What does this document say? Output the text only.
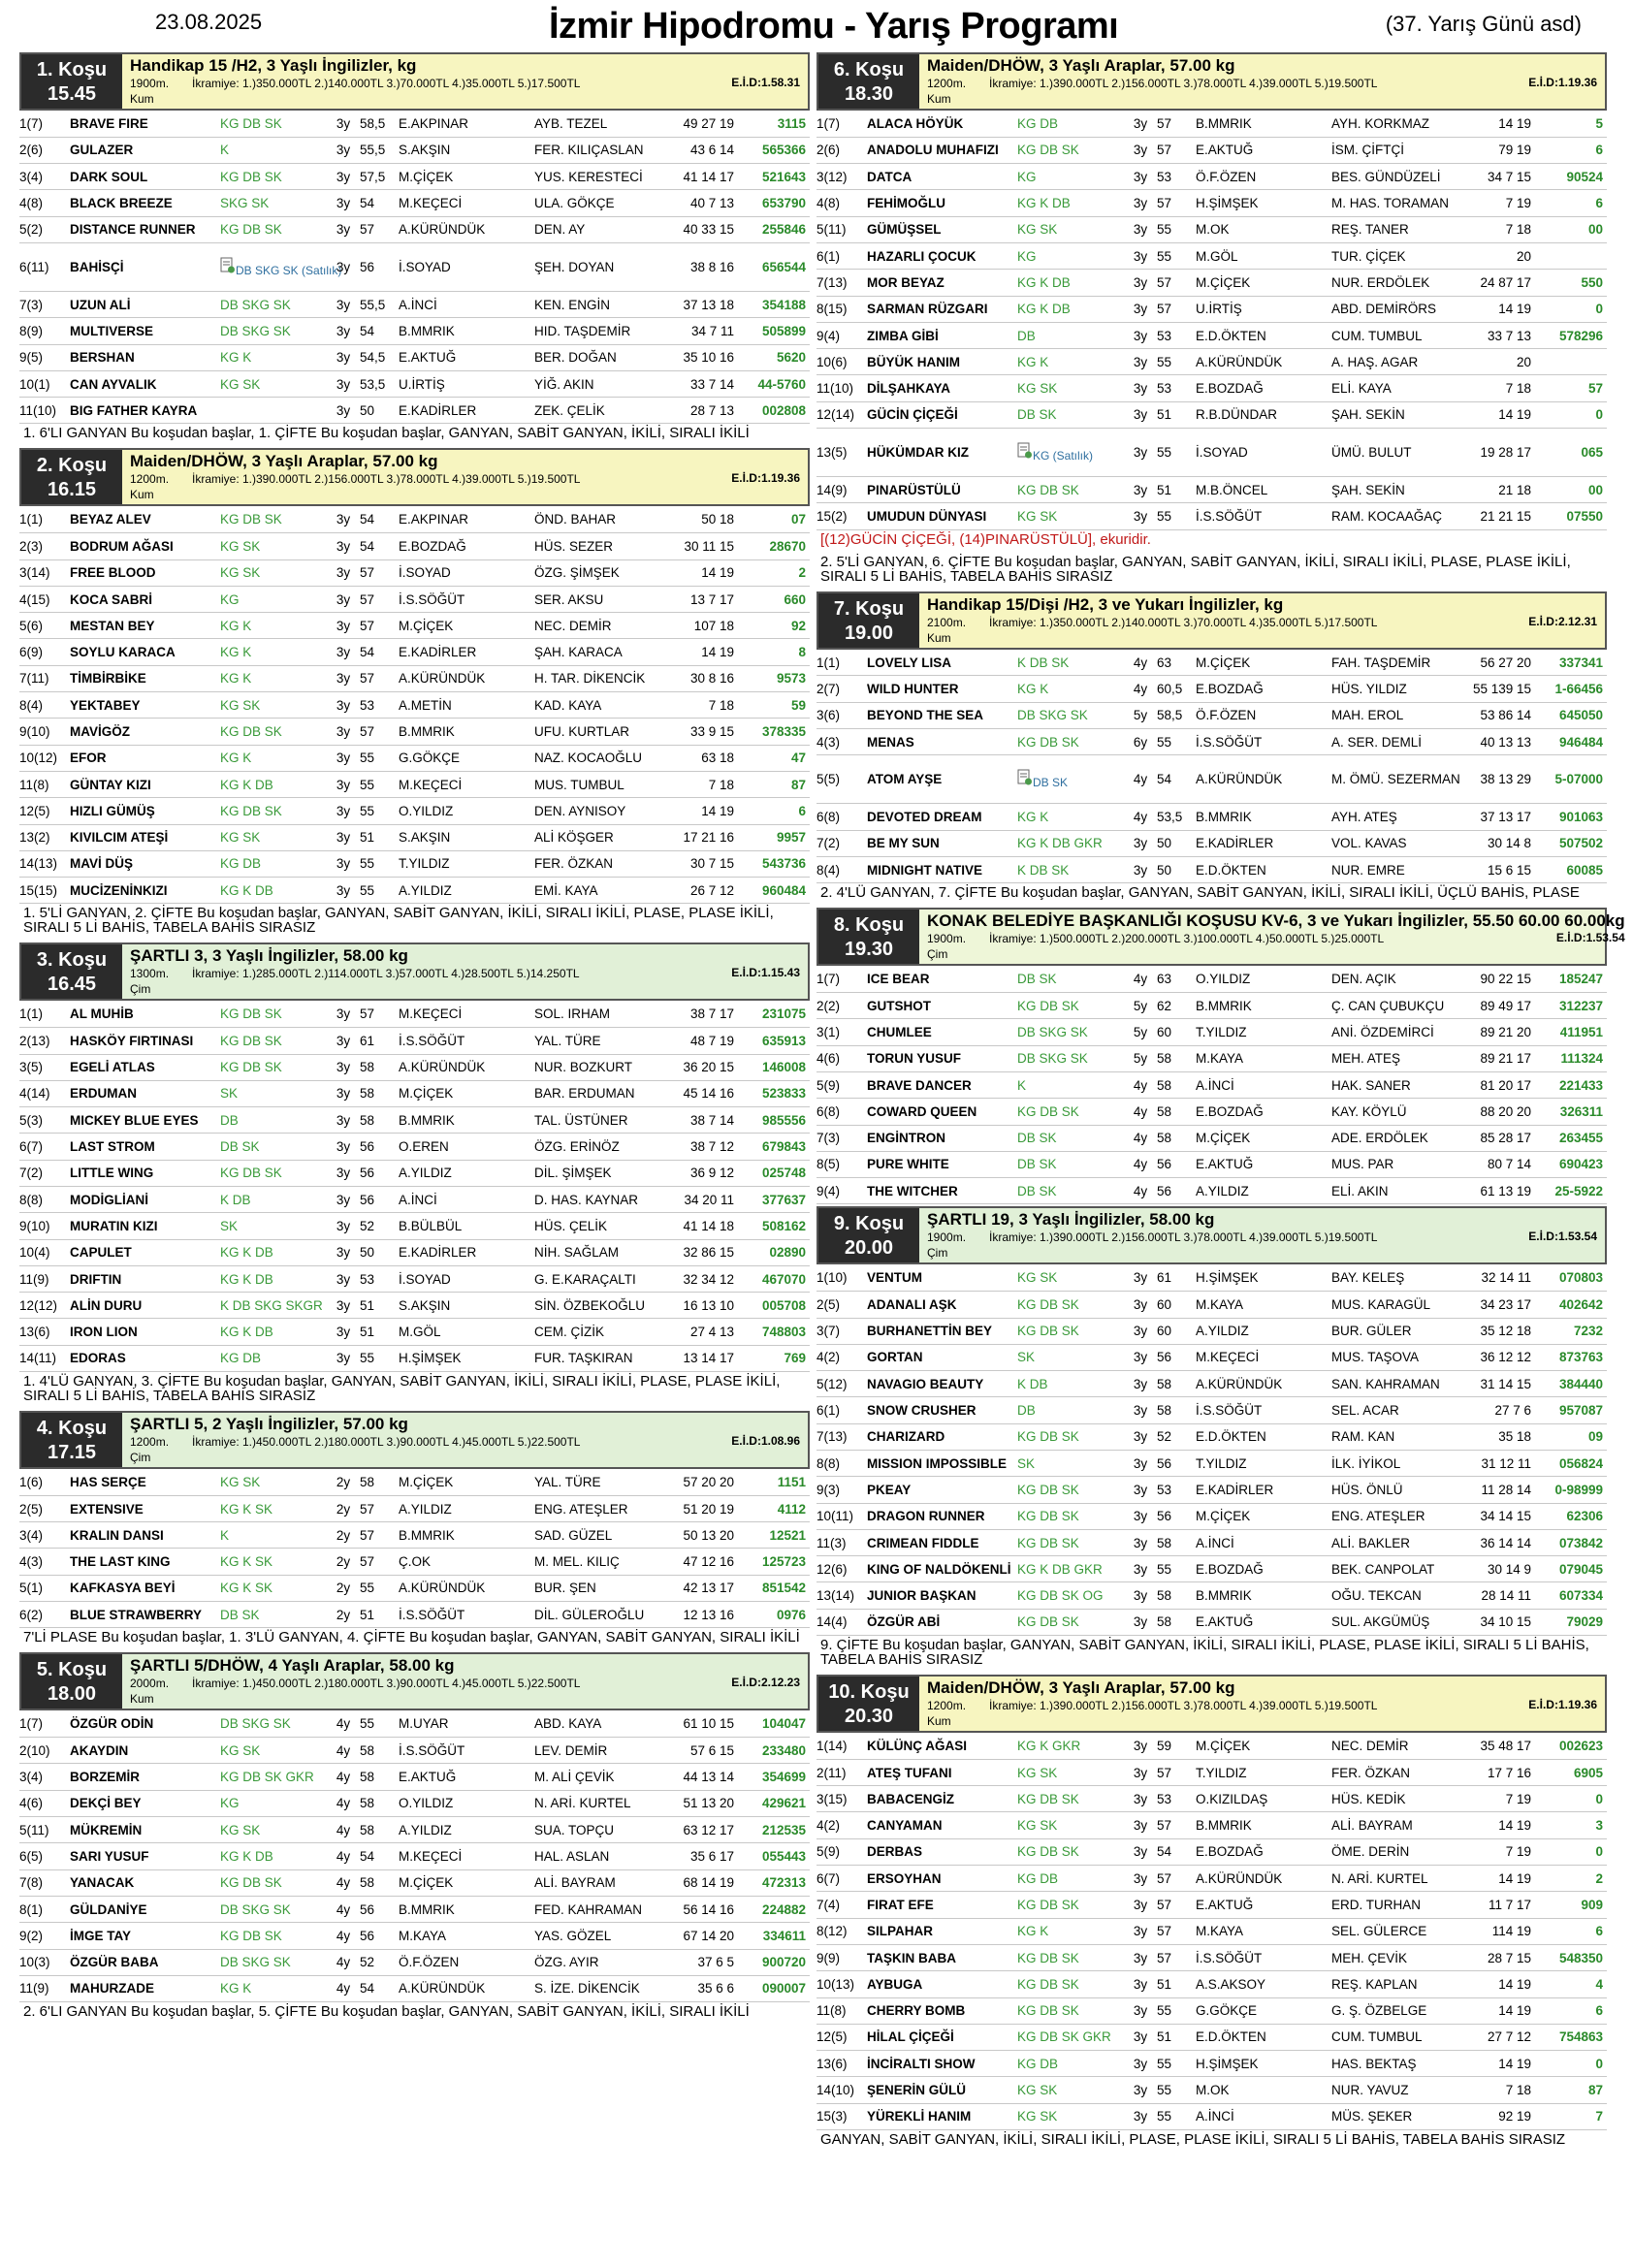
23.08.2025	İzmir Hipodromu - Yarış Programı	(37. Yarış Günü asd)
1. Koşu
15.45
Handikap 15 /H2, 3 Yaşlı İngilizler, kg
1900m. Kum
İkramiye: 1.)350.000TL 2.)140.000TL 3.)70.000TL 4.)35.000TL 5.)17.500TL	E.İ.D:1.58.31
1(7)	BRAVE FIRE	KG DB SK	3y	58,5	E.AKPINAR	AYB. TEZEL	49 27 19	3115
2(6)	GULAZER	K	3y	55,5	S.AKŞIN	FER. KILIÇASLAN	43 6 14	565366
3(4)	DARK SOUL	KG DB SK	3y	57,5	M.ÇİÇEK	YUS. KERESTECİ	41 14 17	521643
4(8)	BLACK BREEZE	SKG SK	3y	54	M.KEÇECİ	ULA. GÖKÇE	40 7 13	653790
5(2)	DISTANCE RUNNER	KG DB SK	3y	57	A.KÜRÜNDÜK	DEN. AY	40 33 15	255846
6(11)	BAHİSÇİ	DB SKG SK (Satılık)	3y	56	İ.SOYAD	ŞEH. DOYAN	38 8 16	656544
7(3)	UZUN ALİ	DB SKG SK	3y	55,5	A.İNCİ	KEN. ENGİN	37 13 18	354188
8(9)	MULTIVERSE	DB SKG SK	3y	54	B.MMRIK	HID. TAŞDEMİR	34 7 11	505899
9(5)	BERSHAN	KG K	3y	54,5	E.AKTUĞ	BER. DOĞAN	35 10 16	5620
10(1)	CAN AYVALIK	KG SK	3y	53,5	U.İRTİŞ	YİĞ. AKIN	33 7 14	44-5760
11(10)	BIG FATHER KAYRA		3y	50	E.KADİRLER	ZEK. ÇELİK	28 7 13	002808
1. 6'LI GANYAN Bu koşudan başlar, 1. ÇİFTE Bu koşudan başlar, GANYAN, SABİT GANYAN, İKİLİ, SIRALI İKİLİ
2. Koşu
16.15
Maiden/DHÖW, 3 Yaşlı Araplar, 57.00 kg
1200m. Kum
İkramiye: 1.)390.000TL 2.)156.000TL 3.)78.000TL 4.)39.000TL 5.)19.500TL	E.İ.D:1.19.36
1(1)	BEYAZ ALEV	KG DB SK	3y	54	E.AKPINAR	ÖND. BAHAR	50 18	07
2(3)	BODRUM AĞASI	KG SK	3y	54	E.BOZDAĞ	HÜS. SEZER	30 11 15	28670
3(14)	FREE BLOOD	KG SK	3y	57	İ.SOYAD	ÖZG. ŞİMŞEK	14 19	2
4(15)	KOCA SABRİ	KG	3y	57	İ.S.SÖĞÜT	SER. AKSU	13 7 17	660
5(6)	MESTAN BEY	KG K	3y	57	M.ÇİÇEK	NEC. DEMİR	107 18	92
6(9)	SOYLU KARACA	KG K	3y	54	E.KADİRLER	ŞAH. KARACA	14 19	8
7(11)	TİMBİRBİKE	KG K	3y	57	A.KÜRÜNDÜK	H. TAR. DİKENCİK	30 8 16	9573
8(4)	YEKTABEY	KG SK	3y	53	A.METİN	KAD. KAYA	7 18	59
9(10)	MAVİGÖZ	KG DB SK	3y	57	B.MMRIK	UFU. KURTLAR	33 9 15	378335
10(12)	EFOR	KG K	3y	55	G.GÖKÇE	NAZ. KOCAOĞLU	63 18	47
11(8)	GÜNTAY KIZI	KG K DB	3y	55	M.KEÇECİ	MUS. TUMBUL	7 18	87
12(5)	HIZLI GÜMÜŞ	KG DB SK	3y	55	O.YILDIZ	DEN. AYNISOY	14 19	6
13(2)	KIVILCIM ATEŞİ	KG SK	3y	51	S.AKŞIN	ALİ KÖŞGER	17 21 16	9957
14(13)	MAVİ DÜŞ	KG DB	3y	55	T.YILDIZ	FER. ÖZKAN	30 7 15	543736
15(15)	MUCİZENİNKIZI	KG K DB	3y	55	A.YILDIZ	EMİ. KAYA	26 7 12	960484
1. 5'Lİ GANYAN, 2. ÇİFTE Bu koşudan başlar, GANYAN, SABİT GANYAN, İKİLİ, SIRALI İKİLİ, PLASE, PLASE İKİLİ, SIRALI 5 Lİ BAHİS, TABELA BAHİS SIRASIZ
3. Koşu
16.45
ŞARTLI 3, 3 Yaşlı İngilizler, 58.00 kg
1300m. Çim
İkramiye: 1.)285.000TL 2.)114.000TL 3.)57.000TL 4.)28.500TL 5.)14.250TL	E.İ.D:1.15.43
1(1)	AL MUHİB	KG DB SK	3y	57	M.KEÇECİ	SOL. IRHAM	38 7 17	231075
2(13)	HASKÖY FIRTINASI	KG DB SK	3y	61	İ.S.SÖĞÜT	YAL. TÜRE	48 7 19	635913
3(5)	EGELİ ATLAS	KG DB SK	3y	58	A.KÜRÜNDÜK	NUR. BOZKURT	36 20 15	146008
4(14)	ERDUMAN	SK	3y	58	M.ÇİÇEK	BAR. ERDUMAN	45 14 16	523833
5(3)	MICKEY BLUE EYES	DB	3y	58	B.MMRIK	TAL. ÜSTÜNER	38 7 14	985556
6(7)	LAST STROM	DB SK	3y	56	O.EREN	ÖZG. ERİNÖZ	38 7 12	679843
7(2)	LITTLE WING	KG DB SK	3y	56	A.YILDIZ	DİL. ŞİMŞEK	36 9 12	025748
8(8)	MODİGLİANİ	K DB	3y	56	A.İNCİ	D. HAS. KAYNAR	34 20 11	377637
9(10)	MURATIN KIZI	SK	3y	52	B.BÜLBÜL	HÜS. ÇELİK	41 14 18	508162
10(4)	CAPULET	KG K DB	3y	50	E.KADİRLER	NİH. SAĞLAM	32 86 15	02890
11(9)	DRIFTIN	KG K DB	3y	53	İ.SOYAD	G. E.KARAÇALTI	32 34 12	467070
12(12)	ALİN DURU	K DB SKG SKGR	3y	51	S.AKŞIN	SİN. ÖZBEKOĞLU	16 13 10	005708
13(6)	IRON LION	KG K DB	3y	51	M.GÖL	CEM. ÇİZİK	27 4 13	748803
14(11)	EDORAS	KG DB	3y	55	H.ŞİMŞEK	FUR. TAŞKIRAN	13 14 17	769
1. 4'LÜ GANYAN, 3. ÇİFTE Bu koşudan başlar, GANYAN, SABİT GANYAN, İKİLİ, SIRALI İKİLİ, PLASE, PLASE İKİLİ, SIRALI 5 Lİ BAHİS, TABELA BAHİS SIRASIZ
4. Koşu
17.15
ŞARTLI 5, 2 Yaşlı İngilizler, 57.00 kg
1200m. Çim
İkramiye: 1.)450.000TL 2.)180.000TL 3.)90.000TL 4.)45.000TL 5.)22.500TL	E.İ.D:1.08.96
1(6)	HAS SERÇE	KG SK	2y	58	M.ÇİÇEK	YAL. TÜRE	57 20 20	1151
2(5)	EXTENSIVE	KG K SK	2y	57	A.YILDIZ	ENG. ATEŞLER	51 20 19	4112
3(4)	KRALIN DANSI	K	2y	57	B.MMRIK	SAD. GÜZEL	50 13 20	12521
4(3)	THE LAST KING	KG K SK	2y	57	Ç.OK	M. MEL. KILIÇ	47 12 16	125723
5(1)	KAFKASYA BEYİ	KG K SK	2y	55	A.KÜRÜNDÜK	BUR. ŞEN	42 13 17	851542
6(2)	BLUE STRAWBERRY	DB SK	2y	51	İ.S.SÖĞÜT	DİL. GÜLEROĞLU	12 13 16	0976
7'Lİ PLASE Bu koşudan başlar, 1. 3'LÜ GANYAN, 4. ÇİFTE Bu koşudan başlar, GANYAN, SABİT GANYAN, SIRALI İKİLİ
5. Koşu
18.00
ŞARTLI 5/DHÖW, 4 Yaşlı Araplar, 58.00 kg
2000m. Kum
İkramiye: 1.)450.000TL 2.)180.000TL 3.)90.000TL 4.)45.000TL 5.)22.500TL	E.İ.D:2.12.23
1(7)	ÖZGÜR ODİN	DB SKG SK	4y	55	M.UYAR	ABD. KAYA	61 10 15	104047
2(10)	AKAYDIN	KG SK	4y	58	İ.S.SÖĞÜT	LEV. DEMİR	57 6 15	233480
3(4)	BORZEMİR	KG DB SK GKR	4y	58	E.AKTUĞ	M. ALİ ÇEVİK	44 13 14	354699
4(6)	DEKÇİ BEY	KG	4y	58	O.YILDIZ	N. ARİ. KURTEL	51 13 20	429621
5(11)	MÜKREMİN	KG SK	4y	58	A.YILDIZ	SUA. TOPÇU	63 12 17	212535
6(5)	SARI YUSUF	KG K DB	4y	54	M.KEÇECİ	HAL. ASLAN	35 6 17	055443
7(8)	YANACAK	KG DB SK	4y	58	M.ÇİÇEK	ALİ. BAYRAM	68 14 19	472313
8(1)	GÜLDANİYE	DB SKG SK	4y	56	B.MMRIK	FED. KAHRAMAN	56 14 16	224882
9(2)	İMGE TAY	KG DB SK	4y	56	M.KAYA	YAS. GÖZEL	67 14 20	334611
10(3)	ÖZGÜR BABA	DB SKG SK	4y	52	Ö.F.ÖZEN	ÖZG. AYIR	37 6 5	900720
11(9)	MAHURZADE	KG K	4y	54	A.KÜRÜNDÜK	S. İZE. DİKENCİK	35 6 6	090007
2. 6'LI GANYAN Bu koşudan başlar, 5. ÇİFTE Bu koşudan başlar, GANYAN, SABİT GANYAN, İKİLİ, SIRALI İKİLİ
6. Koşu
18.30
Maiden/DHÖW, 3 Yaşlı Araplar, 57.00 kg
1200m. Kum
İkramiye: 1.)390.000TL 2.)156.000TL 3.)78.000TL 4.)39.000TL 5.)19.500TL	E.İ.D:1.19.36
1(7)	ALACA HÖYÜK	KG DB	3y	57	B.MMRIK	AYH. KORKMAZ	14 19	5
2(6)	ANADOLU MUHAFIZI	KG DB SK	3y	57	E.AKTUĞ	İSM. ÇİFTÇİ	79 19	6
3(12)	DATCA	KG	3y	53	Ö.F.ÖZEN	BES. GÜNDÜZELİ	34 7 15	90524
4(8)	FEHİMOĞLU	KG K DB	3y	57	H.ŞİMŞEK	M. HAS. TORAMAN	7 19	6
5(11)	GÜMÜŞSEL	KG SK	3y	55	M.OK	REŞ. TANER	7 18	00
6(1)	HAZARLI ÇOCUK	KG	3y	55	M.GÖL	TUR. ÇİÇEK	20	
7(13)	MOR BEYAZ	KG K DB	3y	57	M.ÇİÇEK	NUR. ERDÖLEK	24 87 17	550
8(15)	SARMAN RÜZGARI	KG K DB	3y	57	U.İRTİŞ	ABD. DEMİRÖRS	14 19	0
9(4)	ZIMBA GİBİ	DB	3y	53	E.D.ÖKTEN	CUM. TUMBUL	33 7 13	578296
10(6)	BÜYÜK HANIM	KG K	3y	55	A.KÜRÜNDÜK	A. HAŞ. AGAR	20	
11(10)	DİLŞAHKAYA	KG SK	3y	53	E.BOZDAĞ	ELİ. KAYA	7 18	57
12(14)	GÜCİN ÇİÇEĞİ	DB SK	3y	51	R.B.DÜNDAR	ŞAH. SEKİN	14 19	0
13(5)	HÜKÜMDAR KIZ	KG (Satılık)	3y	55	İ.SOYAD	ÜMÜ. BULUT	19 28 17	065
14(9)	PINARÜSTÜLÜ	KG DB SK	3y	51	M.B.ÖNCEL	ŞAH. SEKİN	21 18	00
15(2)	UMUDUN DÜNYASI	KG SK	3y	55	İ.S.SÖĞÜT	RAM. KOCAAĞAÇ	21 21 15	07550
[(12)GÜCİN ÇİÇEĞİ, (14)PINARÜSTÜLÜ], ekuridir.
2. 5'Lİ GANYAN, 6. ÇİFTE Bu koşudan başlar, GANYAN, SABİT GANYAN, İKİLİ, SIRALI İKİLİ, PLASE, PLASE İKİLİ, SIRALI 5 Lİ BAHİS, TABELA BAHİS SIRASIZ
7. Koşu
19.00
Handikap 15/Dişi /H2, 3 ve Yukarı İngilizler, kg
2100m. Kum
İkramiye: 1.)350.000TL 2.)140.000TL 3.)70.000TL 4.)35.000TL 5.)17.500TL	E.İ.D:2.12.31
1(1)	LOVELY LISA	K DB SK	4y	63	M.ÇİÇEK	FAH. TAŞDEMİR	56 27 20	337341
2(7)	WILD HUNTER	KG K	4y	60,5	E.BOZDAĞ	HÜS. YILDIZ	55 139 15	1-66456
3(6)	BEYOND THE SEA	DB SKG SK	5y	58,5	Ö.F.ÖZEN	MAH. EROL	53 86 14	645050
4(3)	MENAS	KG DB SK	6y	55	İ.S.SÖĞÜT	A. SER. DEMLİ	40 13 13	946484
5(5)	ATOM AYŞE	DB SK	4y	54	A.KÜRÜNDÜK	M. ÖMÜ. SEZERMAN	38 13 29	5-07000
6(8)	DEVOTED DREAM	KG K	4y	53,5	B.MMRIK	AYH. ATEŞ	37 13 17	901063
7(2)	BE MY SUN	KG K DB GKR	3y	50	E.KADİRLER	VOL. KAVAS	30 14 8	507502
8(4)	MIDNIGHT NATIVE	K DB SK	3y	50	E.D.ÖKTEN	NUR. EMRE	15 6 15	60085
2. 4'LÜ GANYAN, 7. ÇİFTE Bu koşudan başlar, GANYAN, SABİT GANYAN, İKİLİ, SIRALI İKİLİ, ÜÇLÜ BAHİS, PLASE
8. Koşu
19.30
KONAK BELEDİYE BAŞKANLIĞI KOŞUSU KV-6, 3 ve Yukarı İngilizler, 55.50 60.00 60.00kg
1900m. Çim
İkramiye: 1.)500.000TL 2.)200.000TL 3.)100.000TL 4.)50.000TL 5.)25.000TL	E.İ.D:1.53.54
1(7)	ICE BEAR	DB SK	4y	63	O.YILDIZ	DEN. AÇIK	90 22 15	185247
2(2)	GUTSHOT	KG DB SK	5y	62	B.MMRIK	Ç. CAN ÇUBUKÇU	89 49 17	312237
3(1)	CHUMLEE	DB SKG SK	5y	60	T.YILDIZ	ANİ. ÖZDEMİRCİ	89 21 20	411951
4(6)	TORUN YUSUF	DB SKG SK	5y	58	M.KAYA	MEH. ATEŞ	89 21 17	111324
5(9)	BRAVE DANCER	K	4y	58	A.İNCİ	HAK. SANER	81 20 17	221433
6(8)	COWARD QUEEN	KG DB SK	4y	58	E.BOZDAĞ	KAY. KÖYLÜ	88 20 20	326311
7(3)	ENGİNTRON	DB SK	4y	58	M.ÇİÇEK	ADE. ERDÖLEK	85 28 17	263455
8(5)	PURE WHITE	DB SK	4y	56	E.AKTUĞ	MUS. PAR	80 7 14	690423
9(4)	THE WITCHER	DB SK	4y	56	A.YILDIZ	ELİ. AKIN	61 13 19	25-5922
9. Koşu
20.00
ŞARTLI 19, 3 Yaşlı İngilizler, 58.00 kg
1900m. Çim
İkramiye: 1.)390.000TL 2.)156.000TL 3.)78.000TL 4.)39.000TL 5.)19.500TL	E.İ.D:1.53.54
1(10)	VENTUM	KG SK	3y	61	H.ŞİMŞEK	BAY. KELEŞ	32 14 11	070803
2(5)	ADANALI AŞK	KG DB SK	3y	60	M.KAYA	MUS. KARAGÜL	34 23 17	402642
3(7)	BURHANETTİN BEY	KG DB SK	3y	60	A.YILDIZ	BUR. GÜLER	35 12 18	7232
4(2)	GORTAN	SK	3y	56	M.KEÇECİ	MUS. TAŞOVA	36 12 12	873763
5(12)	NAVAGIO BEAUTY	K DB	3y	58	A.KÜRÜNDÜK	SAN. KAHRAMAN	31 14 15	384440
6(1)	SNOW CRUSHER	DB	3y	58	İ.S.SÖĞÜT	SEL. ACAR	27 7 6	957087
7(13)	CHARIZARD	KG DB SK	3y	52	E.D.ÖKTEN	RAM. KAN	35 18	09
8(8)	MISSION IMPOSSIBLE	SK	3y	56	T.YILDIZ	İLK. İYİKOL	31 12 11	056824
9(3)	PKEAY	KG DB SK	3y	53	E.KADİRLER	HÜS. ÖNLÜ	11 28 14	0-98999
10(11)	DRAGON RUNNER	KG DB SK	3y	56	M.ÇİÇEK	ENG. ATEŞLER	34 14 15	62306
11(3)	CRIMEAN FIDDLE	KG DB SK	3y	58	A.İNCİ	ALİ. BAKLER	36 14 14	073842
12(6)	KING OF NALDÖKENLİ	KG K DB GKR	3y	55	E.BOZDAĞ	BEK. CANPOLAT	30 14 9	079045
13(14)	JUNIOR BAŞKAN	KG DB SK OG	3y	58	B.MMRIK	OĞU. TEKCAN	28 14 11	607334
14(4)	ÖZGÜR ABİ	KG DB SK	3y	58	E.AKTUĞ	SUL. AKGÜMÜŞ	34 10 15	79029
9. ÇİFTE Bu koşudan başlar, GANYAN, SABİT GANYAN, İKİLİ, SIRALI İKİLİ, PLASE, PLASE İKİLİ, SIRALI 5 Lİ BAHİS, TABELA BAHİS SIRASIZ
10. Koşu
20.30
Maiden/DHÖW, 3 Yaşlı Araplar, 57.00 kg
1200m. Kum
İkramiye: 1.)390.000TL 2.)156.000TL 3.)78.000TL 4.)39.000TL 5.)19.500TL	E.İ.D:1.19.36
1(14)	KÜLÜNÇ AĞASI	KG K GKR	3y	59	M.ÇİÇEK	NEC. DEMİR	35 48 17	002623
2(11)	ATEŞ TUFANI	KG SK	3y	57	T.YILDIZ	FER. ÖZKAN	17 7 16	6905
3(15)	BABACENGİZ	KG DB SK	3y	53	O.KIZILDAŞ	HÜS. KEDİK	7 19	0
4(2)	CANYAMAN	KG SK	3y	57	B.MMRIK	ALİ. BAYRAM	14 19	3
5(9)	DERBAS	KG DB SK	3y	54	E.BOZDAĞ	ÖME. DERİN	7 19	0
6(7)	ERSOYHAN	KG DB	3y	57	A.KÜRÜNDÜK	N. ARİ. KURTEL	14 19	2
7(4)	FIRAT EFE	KG DB SK	3y	57	E.AKTUĞ	ERD. TURHAN	11 7 17	909
8(12)	SILPAHAR	KG K	3y	57	M.KAYA	SEL. GÜLERCE	114 19	6
9(9)	TAŞKIN BABA	KG DB SK	3y	57	İ.S.SÖĞÜT	MEH. ÇEVİK	28 7 15	548350
10(13)	AYBUGA	KG DB SK	3y	51	A.S.AKSOY	REŞ. KAPLAN	14 19	4
11(8)	CHERRY BOMB	KG DB SK	3y	55	G.GÖKÇE	G. Ş. ÖZBELGE	14 19	6
12(5)	HİLAL ÇİÇEĞİ	KG DB SK GKR	3y	51	E.D.ÖKTEN	CUM. TUMBUL	27 7 12	754863
13(6)	İNCİRALTI SHOW	KG DB	3y	55	H.ŞİMŞEK	HAS. BEKTAŞ	14 19	0
14(10)	ŞENERİN GÜLÜ	KG SK	3y	55	M.OK	NUR. YAVUZ	7 18	87
15(3)	YÜREKLİ HANIM	KG SK	3y	55	A.İNCİ	MÜS. ŞEKER	92 19	7
GANYAN, SABİT GANYAN, İKİLİ, SIRALI İKİLİ, PLASE, PLASE İKİLİ, SIRALI 5 Lİ BAHİS, TABELA BAHİS SIRASIZ
